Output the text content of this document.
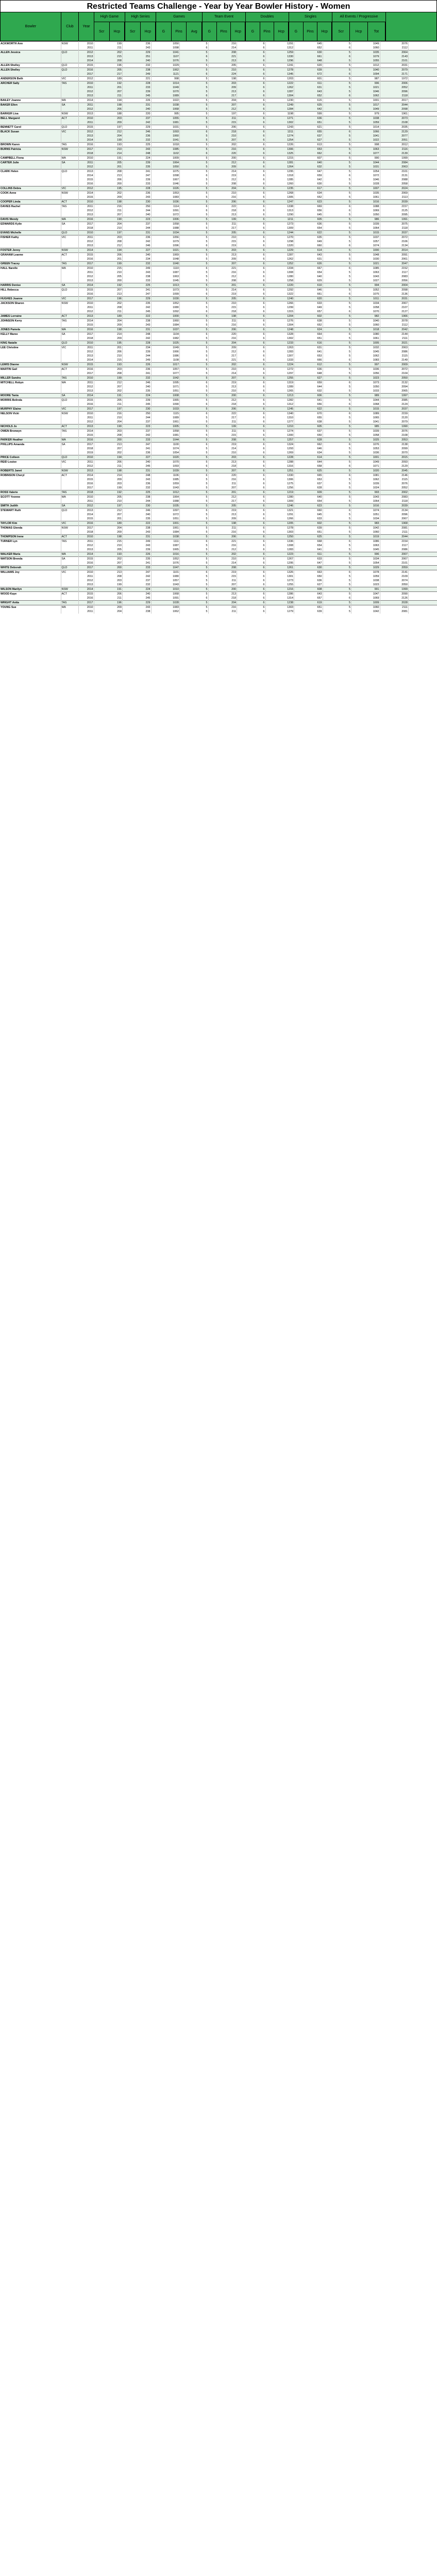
Restricted Teams Challenge - Year by Year Bowler History - Women
Bowler	Club	Year
High Game
Scr	Hcp
High Series
Scr	Hcp
Games
G	Pins	Avg
Team Event
G	Pins	Hcp
Doubles
G	Pins	Hcp
Singles
G	Pins	Hcp
All Events / Progressive
Scr	Hcp	Tot
ACKWORTH Ann	NSW	2010	199	236	1050	5	216	6	1291	645	5	1049	2076	
		2011	211	243	1098	6	214	6	1312	652	6	1060	2112	
ALLEN Jessica	QLD	2012	202	229	1041	5	208	6	1259	630	5	1035	2064	
		2013	215	251	1107	6	221	6	1330	661	6	1079	2143	
		2014	208	240	1076	5	213	6	1296	648	5	1055	2101	
ALLEN Shelley	QLD	2015	196	232	1029	5	205	6	1241	620	5	1012	2031	
ALLEN Shelley	QLD	2016	205	238	1062	5	210	6	1278	639	5	1040	2079	
		2017	217	249	1121	6	224	6	1345	672	6	1094	2171	
ANDERSON Beth	VIC	2012	189	221	998	5	198	6	1203	601	5	987	1972	
ARCHER Sally	TAS	2010	192	228	1014	5	203	6	1222	611	5	996	2006	
		2011	201	233	1049	5	209	6	1262	631	5	1021	2052	
		2012	207	239	1070	5	213	6	1287	643	5	1046	2096	
		2013	211	245	1089	6	217	6	1304	652	6	1062	2118	
BAILEY Joanne	WA	2014	194	226	1022	5	204	6	1230	615	5	1001	2017	
BAKER Ellen	SA	2011	198	231	1038	5	207	6	1249	625	5	1017	2044	
		2012	206	240	1068	5	212	6	1284	642	5	1049	2098	
BARKER Lisa	NSW	2013	188	220	995	5	197	6	1198	599	5	979	1961	
BELL Margaret	ACT	2010	203	237	1055	5	211	6	1271	636	5	1038	2073	
		2011	209	242	1081	5	215	6	1302	651	5	1059	2108	
BENNETT Carol	QLD	2015	197	229	1031	5	206	6	1243	621	5	1014	2035	
BLACK Susan	VIC	2012	212	246	1093	6	218	6	1311	655	6	1066	2129	
		2013	204	236	1060	5	210	6	1274	637	5	1041	2077	
		2014	199	232	1041	5	207	6	1254	627	5	1022	2051	
BROWN Karen	TAS	2016	193	225	1018	5	202	6	1226	613	5	998	2012	
BURNS Patricia	NSW	2017	210	243	1085	5	216	6	1306	653	5	1063	2116	
		2018	214	248	1102	6	220	6	1325	662	6	1077	2139	
CAMPBELL Fiona	WA	2010	191	224	1009	5	200	6	1215	607	5	990	1999	
CARTER Julie	SA	2011	205	239	1064	5	212	6	1281	640	5	1044	2084	
		2012	201	235	1050	5	209	6	1264	632	5	1031	2063	
CLARK Helen	QLD	2013	208	241	1075	5	214	6	1295	647	5	1054	2101	
		2014	213	247	1098	6	219	6	1318	659	6	1072	2131	
		2015	206	239	1067	5	212	6	1285	642	5	1046	2088	
		2016	200	233	1046	5	208	6	1260	630	5	1028	2058	
COLLINS Debra	VIC	2012	195	228	1026	5	204	6	1235	617	5	1007	2024	
COOK Anne	NSW	2014	202	236	1053	5	210	6	1268	634	5	1035	2069	
		2015	209	243	1083	5	216	6	1305	652	5	1061	2113	
COOPER Linda	ACT	2010	198	230	1036	5	206	6	1247	623	5	1016	2039	
DAVIES Rachel	TAS	2011	216	250	1114	6	222	6	1338	669	6	1088	2157	
		2012	211	244	1091	6	218	6	1313	656	6	1069	2125	
		2013	207	240	1072	5	213	6	1290	645	5	1050	2095	
DAVIS Wendy	WA	2016	190	223	1006	5	199	6	1211	605	5	986	1991	
EDWARDS Kylie	SA	2017	204	237	1058	5	211	6	1273	636	5	1039	2075	
		2018	210	244	1088	5	217	6	1309	654	5	1064	2118	
EVANS Michelle	QLD	2010	197	231	1034	5	205	6	1244	622	5	1015	2037	
FISHER Kathy	VIC	2011	203	236	1056	5	210	6	1270	635	5	1037	2072	
		2012	208	242	1079	5	215	6	1298	649	5	1057	2106	
		2013	212	246	1096	6	219	6	1320	660	6	1074	2134	
FOSTER Jenny	NSW	2014	194	227	1021	5	203	6	1229	614	5	1000	2014	
GRAHAM Leanne	ACT	2015	206	240	1069	5	213	6	1287	643	5	1048	2091	
		2016	201	234	1048	5	209	6	1262	631	5	1030	2061	
GREEN Tracey	TAS	2017	199	232	1040	5	207	6	1252	626	5	1021	2047	
HALL Narelle	WA	2010	215	249	1110	6	221	6	1334	667	6	1085	2152	
		2011	210	243	1087	5	216	6	1308	654	5	1063	2117	
		2012	205	238	1063	5	212	6	1280	640	5	1043	2083	
		2013	200	233	1045	5	208	6	1258	629	5	1027	2056	
HARRIS Denise	SA	2014	192	225	1013	5	201	6	1220	610	5	994	2004	
HILL Rebecca	QLD	2015	207	241	1073	5	214	6	1292	646	5	1052	2098	
		2016	213	247	1099	6	219	6	1322	661	6	1075	2136	
HUGHES Joanne	VIC	2017	196	229	1030	5	205	6	1240	620	5	1011	2031	
JACKSON Sharon	NSW	2010	202	235	1052	5	210	6	1266	633	5	1034	2067	
		2011	208	242	1080	5	215	6	1299	649	5	1058	2107	
		2012	211	245	1092	6	218	6	1315	657	6	1070	2127	
JAMES Lorraine	ACT	2013	189	222	1000	5	198	6	1204	602	5	982	1966	
JOHNSON Kerry	TAS	2014	204	238	1060	5	211	6	1276	638	5	1040	2078	
		2015	209	243	1084	5	216	6	1304	652	5	1060	2112	
JONES Pamela	WA	2016	198	231	1037	5	206	6	1248	624	5	1018	2042	
KELLY Maree	SA	2017	214	248	1104	6	220	6	1328	664	6	1080	2144	
		2018	209	242	1082	5	216	6	1302	651	5	1061	2111	
KING Natalie	QLD	2010	195	228	1025	5	204	6	1233	616	5	1005	2021	
LEE Christine	VIC	2011	201	234	1049	5	209	6	1263	631	5	1032	2063	
		2012	206	239	1066	5	212	6	1283	641	5	1045	2086	
		2013	210	244	1086	5	217	6	1307	653	5	1062	2115	
		2014	215	249	1108	6	221	6	1333	666	6	1083	2149	
LEWIS Dianne	NSW	2015	193	226	1017	5	202	6	1224	612	5	997	2009	
MARTIN Gail	ACT	2016	203	236	1057	5	210	6	1272	636	5	1036	2072	
		2017	208	241	1077	5	214	6	1297	648	5	1056	2104	
MILLER Sandra	TAS	2010	199	232	1042	5	207	6	1255	627	5	1023	2050	
MITCHELL Robyn	WA	2011	212	246	1095	6	219	6	1319	659	6	1073	2132	
		2012	207	240	1071	5	213	6	1289	644	5	1050	2094	
		2013	202	235	1051	5	210	6	1265	632	5	1033	2065	
MOORE Tania	SA	2014	191	224	1008	5	200	6	1213	606	5	989	1997	
MORRIS Belinda	QLD	2015	205	239	1065	5	212	6	1282	641	5	1044	2085	
		2016	211	245	1090	6	218	6	1312	656	6	1068	2124	
MURPHY Elaine	VIC	2017	197	230	1033	5	206	6	1245	622	5	1015	2037	
NELSON Vicki	NSW	2010	216	250	1115	6	222	6	1340	670	6	1089	2159	
		2011	210	244	1089	5	217	6	1310	655	5	1065	2120	
		2012	204	237	1061	5	211	6	1277	638	5	1041	2079	
NICHOLS Jo	ACT	2013	190	223	1005	5	199	6	1210	605	5	985	1990	
OWEN Bronwyn	TAS	2014	203	237	1058	5	211	6	1274	637	5	1039	2076	
		2015	208	242	1081	5	215	6	1300	650	5	1058	2108	
PARKER Heather	WA	2016	200	233	1044	5	208	6	1257	628	5	1025	2053	
PHILLIPS Amanda	SA	2017	213	247	1100	6	219	6	1324	662	6	1076	2138	
		2018	207	241	1074	5	214	6	1293	646	5	1053	2099	
		2019	202	236	1054	5	210	6	1269	634	5	1036	2070	
PRICE Colleen	QLD	2010	194	227	1020	5	203	6	1228	614	5	1001	2015	
REID Louise	VIC	2011	206	240	1070	5	213	6	1288	644	5	1049	2093	
		2012	211	245	1093	6	218	6	1316	658	6	1071	2129	
ROBERTS Janet	NSW	2013	198	231	1039	5	207	6	1251	625	5	1020	2045	
ROBINSON Cheryl	ACT	2014	214	248	1106	6	220	6	1330	665	6	1081	2146	
		2015	209	243	1085	5	216	6	1306	653	5	1062	2115	
		2016	203	236	1059	5	211	6	1275	637	5	1039	2076	
		2017	199	232	1043	5	207	6	1256	628	5	1024	2052	
ROSS Valerie	TAS	2018	192	225	1012	5	201	6	1219	609	5	993	2002	
SCOTT Yvonne	WA	2010	205	238	1064	5	212	6	1280	640	5	1043	2083	
		2011	210	244	1088	5	217	6	1309	654	5	1064	2118	
SMITH Judith	SA	2012	197	230	1035	5	205	6	1246	623	5	1016	2039	
STEWART Ruth	QLD	2013	212	246	1097	6	219	6	1321	660	6	1074	2134	
		2014	207	240	1072	5	213	6	1291	645	5	1051	2096	
		2015	201	235	1051	5	209	6	1266	633	5	1034	2067	
TAYLOR Kim	VIC	2016	189	222	1001	5	198	6	1205	602	5	983	1968	
THOMAS Glenda	NSW	2017	204	238	1061	5	211	6	1278	639	5	1042	2081	
		2018	209	243	1084	5	216	6	1303	651	5	1060	2111	
THOMPSON Irene	ACT	2010	198	231	1038	5	206	6	1250	625	5	1019	2044	
TURNER Lyn	TAS	2011	215	249	1111	6	221	6	1336	668	6	1086	2154	
		2012	210	243	1087	5	216	6	1308	654	5	1063	2117	
		2013	205	239	1065	5	212	6	1283	641	5	1045	2086	
WALKER Maria	WA	2014	193	226	1016	5	202	6	1223	611	5	996	2007	
WATSON Brenda	SA	2015	202	235	1052	5	210	6	1267	633	5	1034	2067	
		2016	207	241	1076	5	214	6	1295	647	5	1054	2101	
WHITE Deborah	QLD	2017	200	233	1047	5	208	6	1261	630	5	1029	2059	
WILLIAMS Joy	VIC	2010	213	247	1101	6	219	6	1326	663	6	1078	2141	
		2011	208	242	1080	5	215	6	1301	650	5	1059	2109	
		2012	203	237	1057	5	211	6	1273	636	5	1038	2074	
		2013	199	232	1043	5	207	6	1255	627	5	1023	2050	
WILSON Marilyn	NSW	2014	191	224	1010	5	200	6	1216	608	5	991	1999	
WOOD Kaye	ACT	2015	206	240	1068	5	213	6	1286	643	5	1047	2090	
		2016	211	245	1091	6	218	6	1314	657	6	1069	2126	
WRIGHT Anita	TAS	2017	196	229	1028	5	204	6	1238	619	5	1009	2028	
YOUNG Sue	WA	2010	209	243	1083	5	216	6	1303	651	5	1060	2111	
		2011	204	238	1062	5	211	6	1279	639	5	1042	2081	
